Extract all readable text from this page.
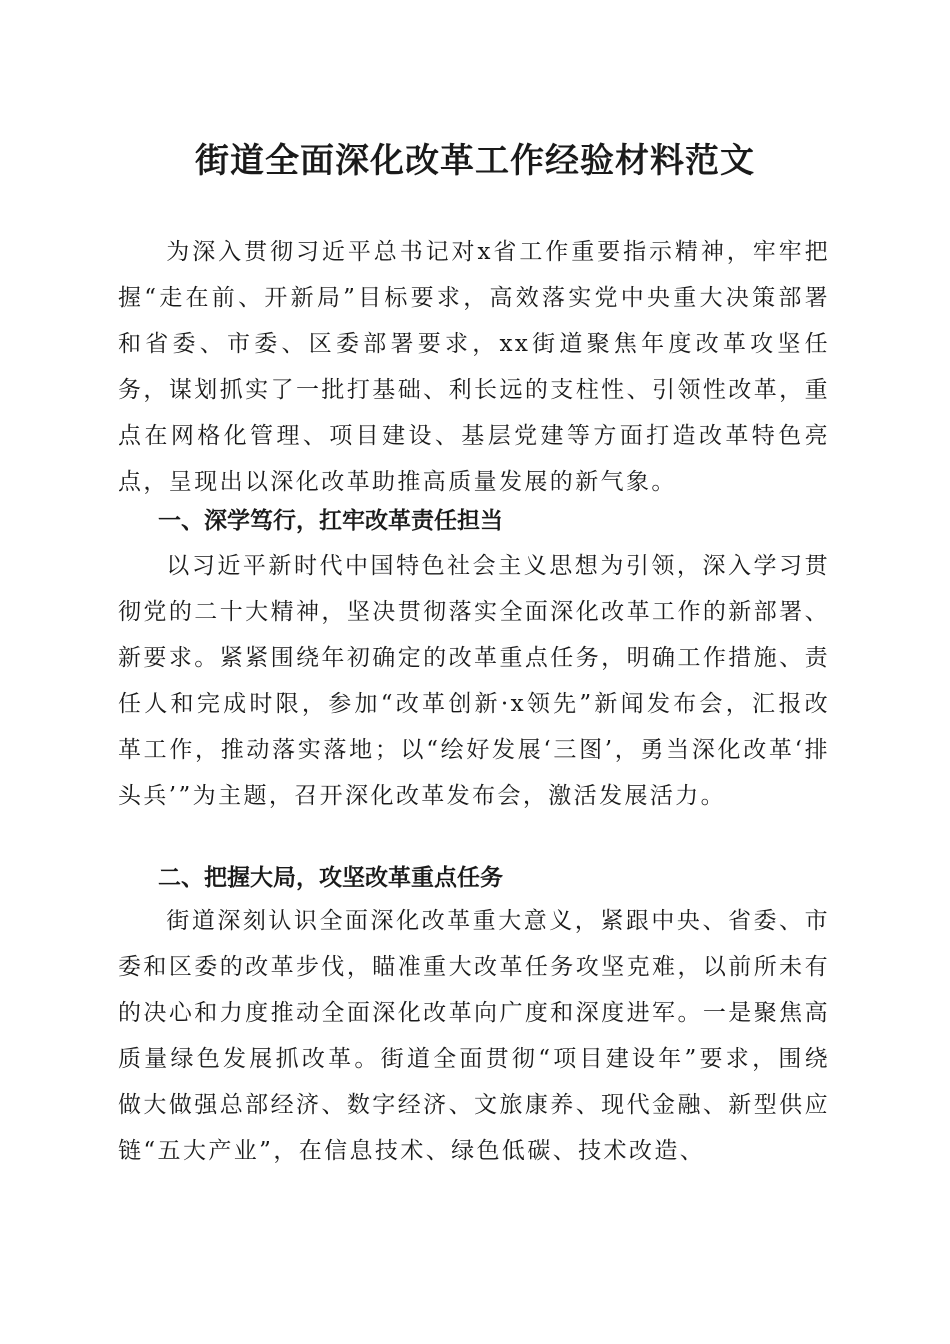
街道全面深化改革工作经验材料范文

为深入贯彻习近平总书记对x省工作重要指示精神，牢牢把握“走在前、开新局”目标要求，高效落实党中央重大决策部署和省委、市委、区委部署要求，xx街道聚焦年度改革攻坚任务，谋划抓实了一批打基础、利长远的支柱性、引领性改革，重点在网格化管理、项目建设、基层党建等方面打造改革特色亮点，呈现出以深化改革助推高质量发展的新气象。

一、深学笃行，扛牢改革责任担当

以习近平新时代中国特色社会主义思想为引领，深入学习贯彻党的二十大精神，坚决贯彻落实全面深化改革工作的新部署、新要求。紧紧围绕年初确定的改革重点任务，明确工作措施、责任人和完成时限，参加“改革创新·x领先”新闻发布会，汇报改革工作，推动落实落地；以“绘好发展‘三图’，勇当深化改革‘排头兵’”为主题，召开深化改革发布会，激活发展活力。

二、把握大局，攻坚改革重点任务

街道深刻认识全面深化改革重大意义，紧跟中央、省委、市委和区委的改革步伐，瞄准重大改革任务攻坚克难，以前所未有的决心和力度推动全面深化改革向广度和深度进军。一是聚焦高质量绿色发展抓改革。街道全面贯彻“项目建设年”要求，围绕做大做强总部经济、数字经济、文旅康养、现代金融、新型供应链“五大产业”，在信息技术、绿色低碳、技术改造、
